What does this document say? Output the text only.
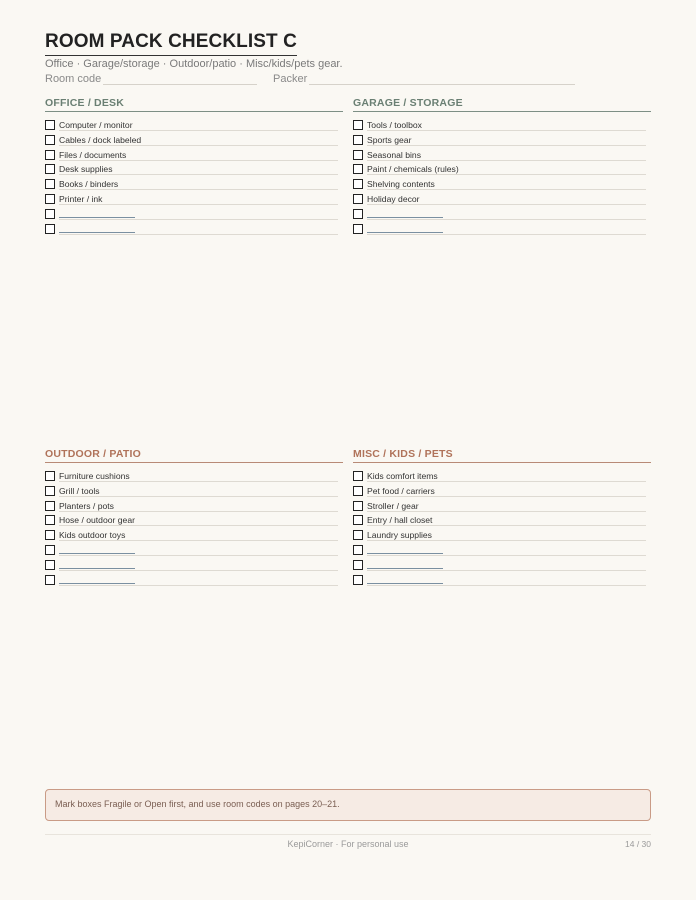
ROOM PACK CHECKLIST C
Office · Garage/storage · Outdoor/patio · Misc/kids/pets gear.
Room code	Packer
OFFICE / DESK
Computer / monitor
Cables / dock labeled
Files / documents
Desk supplies
Books / binders
Printer / ink
GARAGE / STORAGE
Tools / toolbox
Sports gear
Seasonal bins
Paint / chemicals (rules)
Shelving contents
Holiday decor
OUTDOOR / PATIO
Furniture cushions
Grill / tools
Planters / pots
Hose / outdoor gear
Kids outdoor toys
MISC / KIDS / PETS
Kids comfort items
Pet food / carriers
Stroller / gear
Entry / hall closet
Laundry supplies
Mark boxes Fragile or Open first, and use room codes on pages 20–21.
KepiCorner · For personal use	14 / 30
